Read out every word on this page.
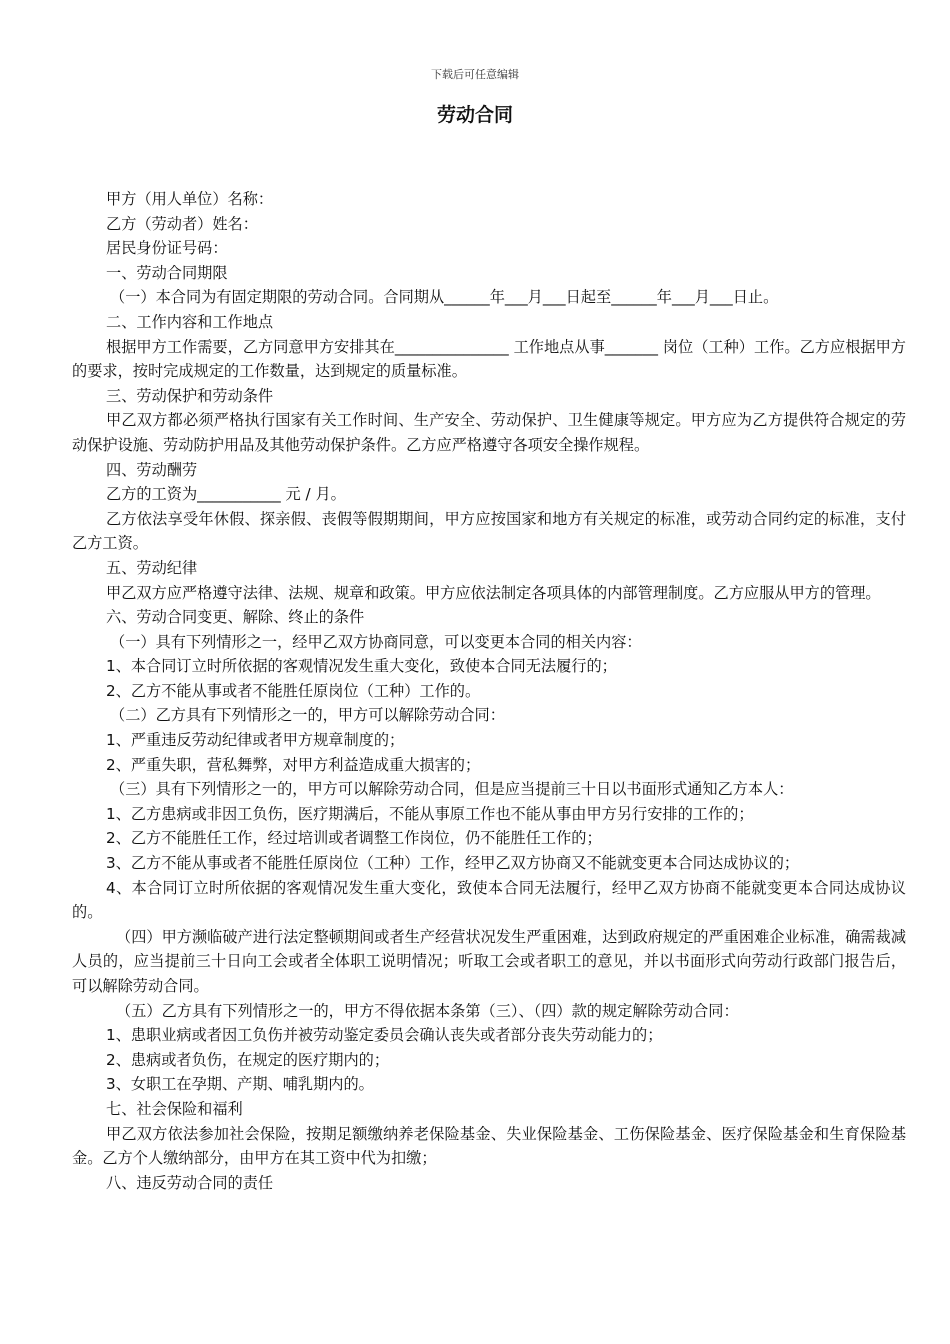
下载后可任意编辑
劳动合同

甲方（用人单位）名称：

乙方（劳动者）姓名：

居民身份证号码：

一、劳动合同期限

（一）本合同为有固定期限的劳动合同。合同期从______年___月___日起至______年___月___日止。

二、工作内容和工作地点

根据甲方工作需要，乙方同意甲方安排其在_______________ 工作地点从事_______ 岗位（工种）工作。乙方应根据甲方的要求，按时完成规定的工作数量，达到规定的质量标准。

三、劳动保护和劳动条件

甲乙双方都必须严格执行国家有关工作时间、生产安全、劳动保护、卫生健康等规定。甲方应为乙方提供符合规定的劳动保护设施、劳动防护用品及其他劳动保护条件。乙方应严格遵守各项安全操作规程。

四、劳动酬劳

乙方的工资为___________ 元 / 月。

乙方依法享受年休假、探亲假、丧假等假期期间，甲方应按国家和地方有关规定的标准，或劳动合同约定的标准，支付乙方工资。

五、劳动纪律

甲乙双方应严格遵守法律、法规、规章和政策。甲方应依法制定各项具体的内部管理制度。乙方应服从甲方的管理。

六、劳动合同变更、解除、终止的条件

（一）具有下列情形之一，经甲乙双方协商同意，可以变更本合同的相关内容：

1、本合同订立时所依据的客观情况发生重大变化，致使本合同无法履行的；

2、乙方不能从事或者不能胜任原岗位（工种）工作的。

（二）乙方具有下列情形之一的，甲方可以解除劳动合同：

1、严重违反劳动纪律或者甲方规章制度的；

2、严重失职，营私舞弊，对甲方利益造成重大损害的；

（三）具有下列情形之一的，甲方可以解除劳动合同，但是应当提前三十日以书面形式通知乙方本人：

1、乙方患病或非因工负伤，医疗期满后，不能从事原工作也不能从事由甲方另行安排的工作的；

2、乙方不能胜任工作，经过培训或者调整工作岗位，仍不能胜任工作的；

3、乙方不能从事或者不能胜任原岗位（工种）工作，经甲乙双方协商又不能就变更本合同达成协议的；

4、本合同订立时所依据的客观情况发生重大变化，致使本合同无法履行，经甲乙双方协商不能就变更本合同达成协议的。

（四）甲方濒临破产进行法定整顿期间或者生产经营状况发生严重困难，达到政府规定的严重困难企业标准，确需裁减人员的，应当提前三十日向工会或者全体职工说明情况；听取工会或者职工的意见，并以书面形式向劳动行政部门报告后，可以解除劳动合同。

（五）乙方具有下列情形之一的，甲方不得依据本条第（三）、（四）款的规定解除劳动合同：

1、患职业病或者因工负伤并被劳动鉴定委员会确认丧失或者部分丧失劳动能力的；

2、患病或者负伤，在规定的医疗期内的；

3、女职工在孕期、产期、哺乳期内的。

七、社会保险和福利

甲乙双方依法参加社会保险，按期足额缴纳养老保险基金、失业保险基金、工伤保险基金、医疗保险基金和生育保险基金。乙方个人缴纳部分，由甲方在其工资中代为扣缴；

八、违反劳动合同的责任
